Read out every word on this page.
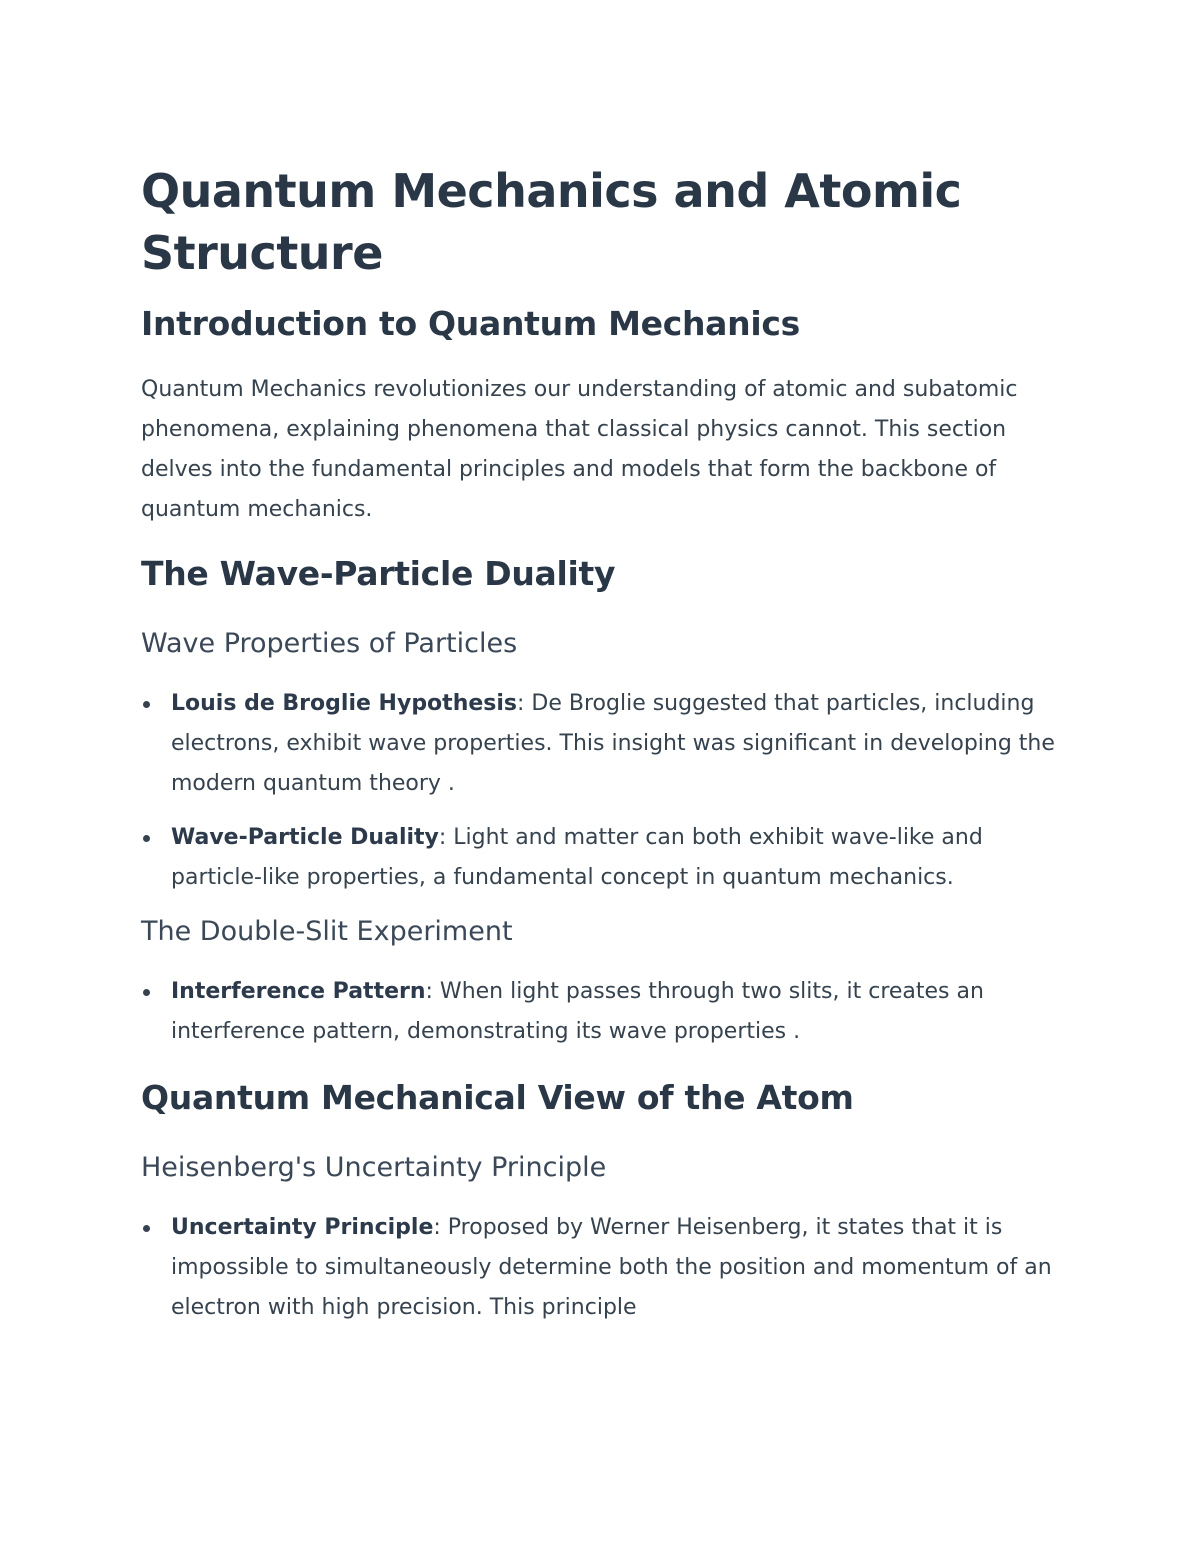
Quantum Mechanics and Atomic Structure
Introduction to Quantum Mechanics

Quantum Mechanics revolutionizes our understanding of atomic and subatomic phenomena, explaining phenomena that classical physics cannot. This section delves into the fundamental principles and models that form the backbone of quantum mechanics.

The Wave-Particle Duality
Wave Properties of Particles
Louis de Broglie Hypothesis: De Broglie suggested that particles, including electrons, exhibit wave properties. This insight was significant in developing the modern quantum theory .
Wave-Particle Duality: Light and matter can both exhibit wave-like and particle-like properties, a fundamental concept in quantum mechanics.
The Double-Slit Experiment
Interference Pattern: When light passes through two slits, it creates an interference pattern, demonstrating its wave properties .
Quantum Mechanical View of the Atom
Heisenberg's Uncertainty Principle
Uncertainty Principle: Proposed by Werner Heisenberg, it states that it is impossible to simultaneously determine both the position and momentum of an electron with high precision. This principle
